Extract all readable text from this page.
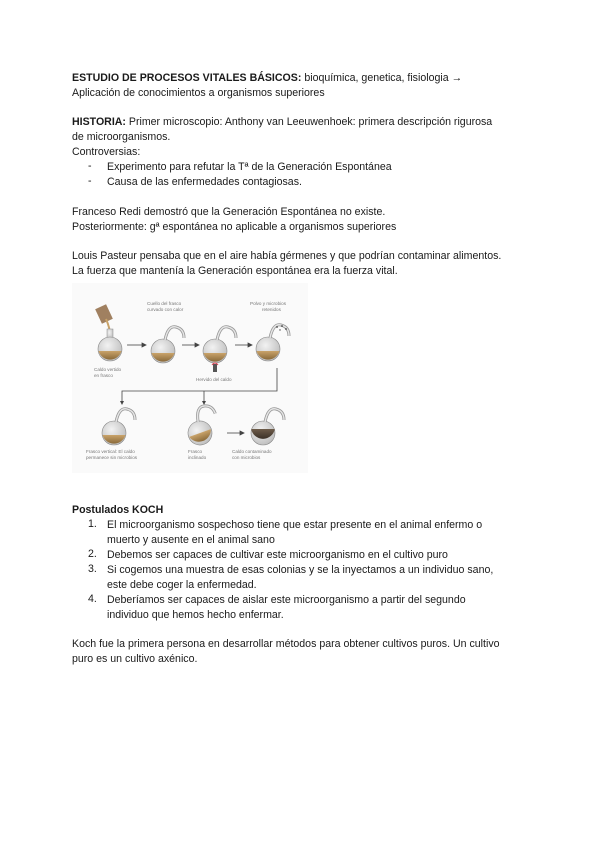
ESTUDIO DE PROCESOS VITALES BÁSICOS: bioquímica, genetica, fisiologia →
Aplicación de conocimientos a organismos superiores
HISTORIA: Primer microscopio: Anthony van Leeuwenhoek: primera descripción rigurosa
de microorganismos.
Controversias:
- Experimento para refutar la Tª de la Generación Espontánea
- Causa de las enfermedades contagiosas.
Franceso Redi demostró que la Generación Espontánea no existe.
Posteriormente: gª espontánea no aplicable a organismos superiores
Louis Pasteur pensaba que en el aire había gérmenes y que podrían contaminar alimentos.
La fuerza que mantenía la Generación espontánea era la fuerza vital.
Cuello del frasco
curvado con calor
Polvo y microbios
retenidos
Caldo vertido
en frasco
Hervido del caldo
Frasco vertical: El caldo
permanece sin microbios
Frasco
inclinado
Caldo contaminado
con microbios
Postulados KOCH
1. El microorganismo sospechoso tiene que estar presente en el animal enfermo o
muerto y ausente en el animal sano
2. Debemos ser capaces de cultivar este microorganismo en el cultivo puro
3. Si cogemos una muestra de esas colonias y se la inyectamos a un individuo sano,
este debe coger la enfermedad.
4. Deberíamos ser capaces de aislar este microorganismo a partir del segundo
individuo que hemos hecho enfermar.
Koch fue la primera persona en desarrollar métodos para obtener cultivos puros. Un cultivo
puro es un cultivo axénico.
